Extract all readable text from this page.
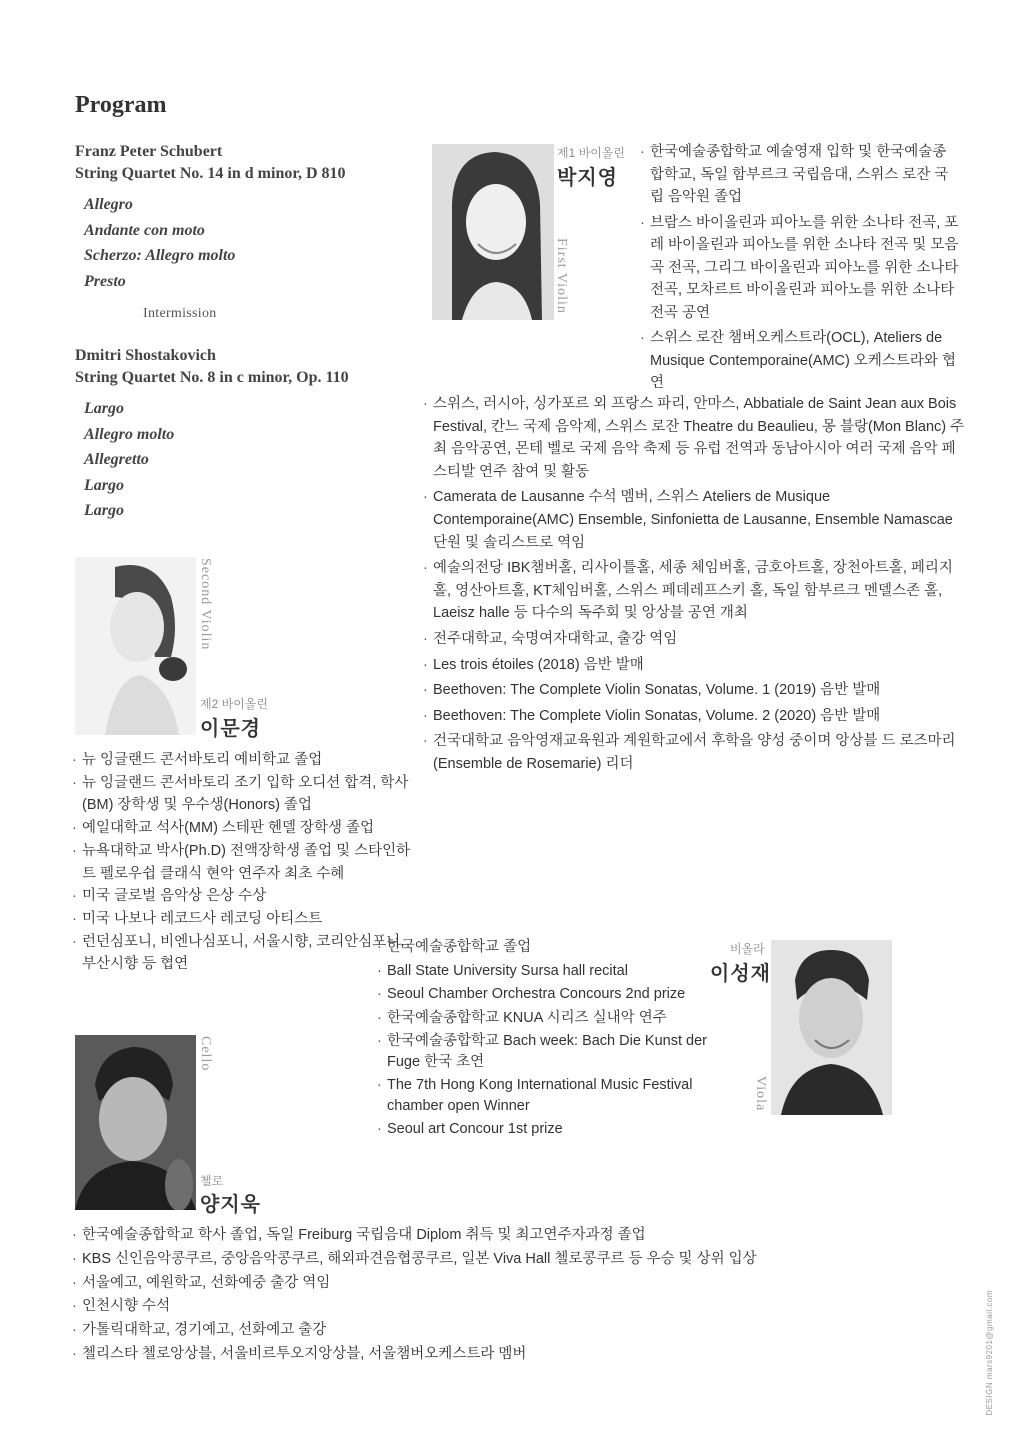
Program
Franz Peter Schubert
String Quartet No. 14 in d minor, D 810
Allegro
Andante con moto
Scherzo: Allegro molto
Presto
Intermission
Dmitri Shostakovich
String Quartet No. 8 in c minor, Op. 110
Largo
Allegro molto
Allegretto
Largo
Largo
제1 바이올린
박지영
First Violin
· 한국예술종합학교 예술영재 입학 및 한국예술종합학교, 독일 함부르크 국립음대, 스위스 로잔 국립 음악원 졸업
· 브람스 바이올린과 피아노를 위한 소나타 전곡, 포레 바이올린과 피아노를 위한 소나타 전곡 및 모음곡 전곡, 그리그 바이올린과 피아노를 위한 소나타 전곡, 모차르트 바이올린과 피아노를 위한 소나타 전곡 공연
· 스위스 로잔 챔버오케스트라(OCL), Ateliers de Musique Contemporaine(AMC) 오케스트라와 협연
· 스위스, 러시아, 싱가포르 외 프랑스 파리, 안마스, Abbatiale de Saint Jean aux Bois Festival, 칸느 국제 음악제, 스위스 로잔 Theatre du Beaulieu, 몽 블랑(Mon Blanc) 주최 음악공연, 몬테 벨로 국제 음악 축제 등 유럽 전역과 동남아시아 여러 국제 음악 페스티발 연주 참여 및 활동
· Camerata de Lausanne 수석 멤버, 스위스 Ateliers de Musique Contemporaine(AMC) Ensemble, Sinfonietta de Lausanne, Ensemble Namascae 단원 및 솔리스트로 역임
· 예술의전당 IBK챔버홀, 리사이틀홀, 세종 체임버홀, 금호아트홀, 장천아트홀, 페리지홀, 영산아트홀, KT체임버홀, 스위스 페데레프스키 홀, 독일 함부르크 멘델스존 홀, Laeisz halle 등 다수의 독주회 및 앙상블 공연 개최
· 전주대학교, 숙명여자대학교, 출강 역임
· Les trois étoiles (2018) 음반 발매
· Beethoven: The Complete Violin Sonatas, Volume. 1 (2019) 음반 발매
· Beethoven: The Complete Violin Sonatas, Volume. 2 (2020) 음반 발매
· 건국대학교 음악영재교육원과 계원학교에서 후학을 양성 중이며 앙상블 드 로즈마리(Ensemble de Rosemarie) 리더
Second Violin
제2 바이올린
이문경
· 뉴 잉글랜드 콘서바토리 예비학교 졸업
· 뉴 잉글랜드 콘서바토리 조기 입학 오디션 합격, 학사(BM) 장학생 및 우수생(Honors) 졸업
· 예일대학교 석사(MM) 스테판 헨델 장학생 졸업
· 뉴욕대학교 박사(Ph.D) 전액장학생 졸업 및 스타인하트 펠로우쉽 클래식 현악 연주자 최초 수혜
· 미국 글로벌 음악상 은상 수상
· 미국 나보나 레코드사 레코딩 아티스트
· 런던심포니, 비엔나심포니, 서울시향, 코리안심포니, 부산시향 등 협연
· 한국예술종합학교 졸업
· Ball State University Sursa hall recital
· Seoul Chamber Orchestra Concours 2nd prize
· 한국예술종합학교 KNUA 시리즈 실내악 연주
· 한국예술종합학교 Bach week: Bach Die Kunst der Fuge 한국 초연
· The 7th Hong Kong International Music Festival chamber open Winner
· Seoul art Concour 1st prize
비올라
이성재
Viola
Cello
첼로
양지욱
· 한국예술종합학교 학사 졸업, 독일 Freiburg 국립음대 Diplom 취득 및 최고연주자과정 졸업
· KBS 신인음악콩쿠르, 중앙음악콩쿠르, 해외파견음협콩쿠르, 일본 Viva Hall 첼로콩쿠르 등 우승 및 상위 입상
· 서울예고, 예원학교, 선화예중 출강 역임
· 인천시향 수석
· 가톨릭대학교, 경기예고, 선화예고 출강
· 첼리스타 첼로앙상블, 서울비르투오지앙상블, 서울챔버오케스트라 멤버	DESIGN mars9201@gmail.com
